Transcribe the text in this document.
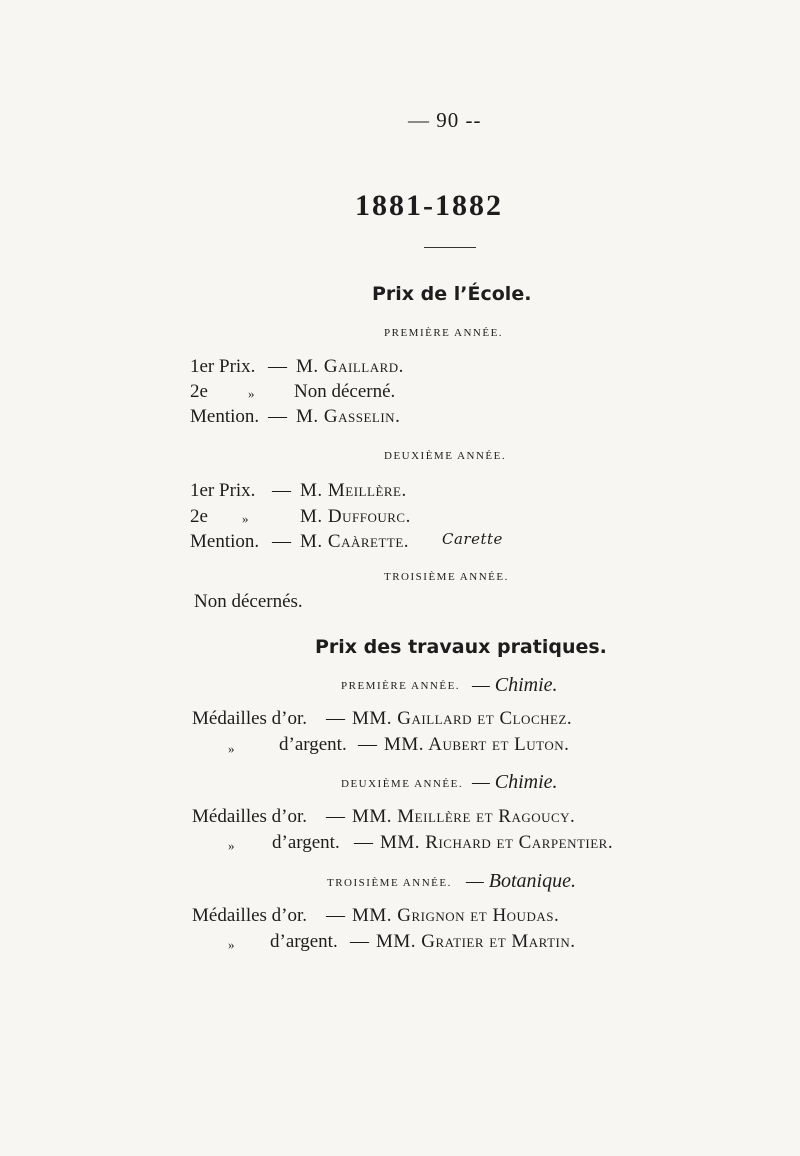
— 90 --
1881-1882
Prix de l’École.
PREMIÈRE ANNÉE.
1er Prix. — M. Gaillard.
2e	» Non décerné.
Mention. — M. Gasselin.
DEUXIÈME ANNÉE.
1er Prix. — M. Meillère.
2e	»	M. Duffourc.
Mention. — M. Caàrette. Carette
TROISIÈME ANNÉE.
Non décernés.
Prix des travaux pratiques.
PREMIÈRE ANNÉE. — Chimie.
Médailles d’or. — MM. Gaillard et Clochez.
» d’argent. — MM. Aubert et Luton.
DEUXIÈME ANNÉE. — Chimie.
Médailles d’or. — MM. Meillère et Ragoucy.
» d’argent. — MM. Richard et Carpentier.
TROISIÈME ANNÉE. — Botanique.
Médailles d’or. — MM. Grignon et Houdas.
» d’argent. — MM. Gratier et Martin.
